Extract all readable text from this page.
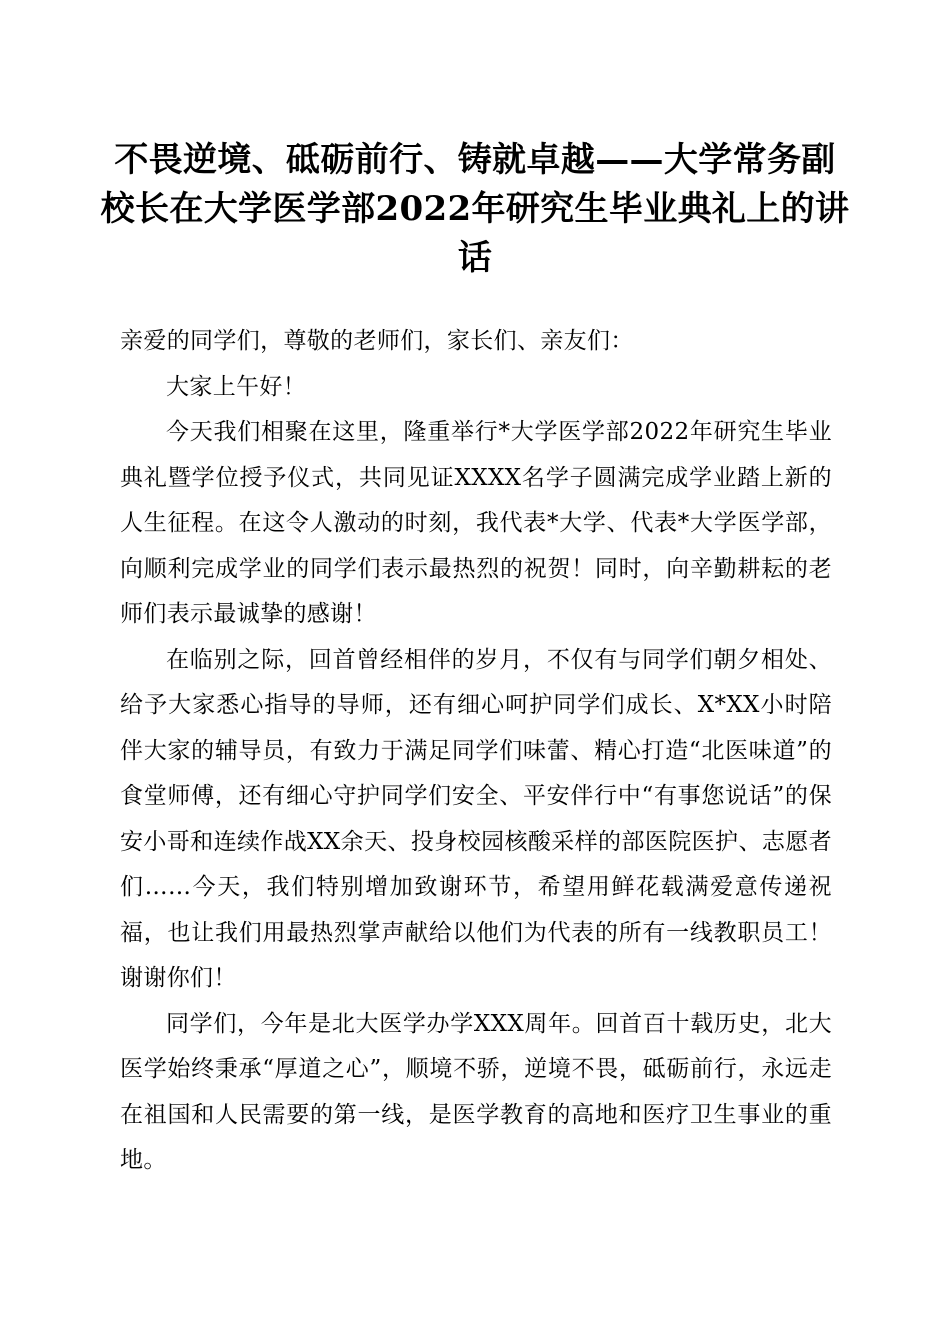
不畏逆境、砥砺前行、铸就卓越——大学常务副校长在大学医学部2022年研究生毕业典礼上的讲话

亲爱的同学们，尊敬的老师们，家长们、亲友们：

大家上午好！

今天我们相聚在这里，隆重举行*大学医学部2022年研究生毕业典礼暨学位授予仪式，共同见证XXXX名学子圆满完成学业踏上新的人生征程。在这令人激动的时刻，我代表*大学、代表*大学医学部，向顺利完成学业的同学们表示最热烈的祝贺！同时，向辛勤耕耘的老师们表示最诚挚的感谢！

在临别之际，回首曾经相伴的岁月，不仅有与同学们朝夕相处、给予大家悉心指导的导师，还有细心呵护同学们成长、X*XX小时陪伴大家的辅导员，有致力于满足同学们味蕾、精心打造“北医味道”的食堂师傅，还有细心守护同学们安全、平安伴行中“有事您说话”的保安小哥和连续作战XX余天、投身校园核酸采样的部医院医护、志愿者们……今天，我们特别增加致谢环节，希望用鲜花载满爱意传递祝福，也让我们用最热烈掌声献给以他们为代表的所有一线教职员工！谢谢你们！

同学们，今年是北大医学办学XXX周年。回首百十载历史，北大医学始终秉承“厚道之心”，顺境不骄，逆境不畏，砥砺前行，永远走在祖国和人民需要的第一线，是医学教育的高地和医疗卫生事业的重地。
